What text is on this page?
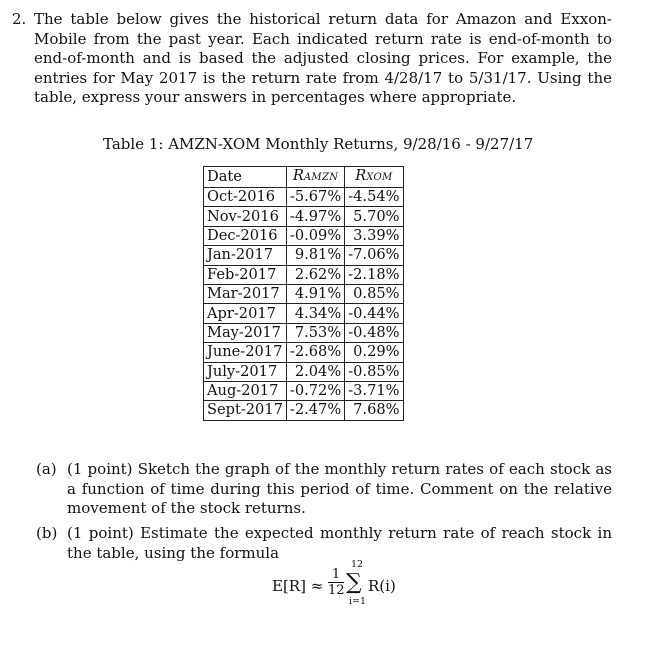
2. The table below gives the historical return data for Amazon and Exxon-Mobile from the past year. Each indicated return rate is end-of-month to end-of-month and is based the adjusted closing prices. For example, the entries for May 2017 is the return rate from 4/28/17 to 5/31/17. Using the table, express your answers in percentages where appropriate.
Table 1: AMZN-XOM Monthly Returns, 9/28/16 - 9/27/17
Date	RAMZN	RXOM
Oct-2016	-5.67%	-4.54%
Nov-2016	-4.97%	5.70%
Dec-2016	-0.09%	3.39%
Jan-2017	9.81%	-7.06%
Feb-2017	2.62%	-2.18%
Mar-2017	4.91%	0.85%
Apr-2017	4.34%	-0.44%
May-2017	7.53%	-0.48%
June-2017	-2.68%	0.29%
July-2017	2.04%	-0.85%
Aug-2017	-0.72%	-3.71%
Sept-2017	-2.47%	7.68%
(a) (1 point) Sketch the graph of the monthly return rates of each stock as a function of time during this period of time. Comment on the relative movement of the stock returns.
(b) (1 point) Estimate the expected monthly return rate of reach stock in the table, using the formula
E[R] ≈
1
12
12
∑
i=1
R(i)
